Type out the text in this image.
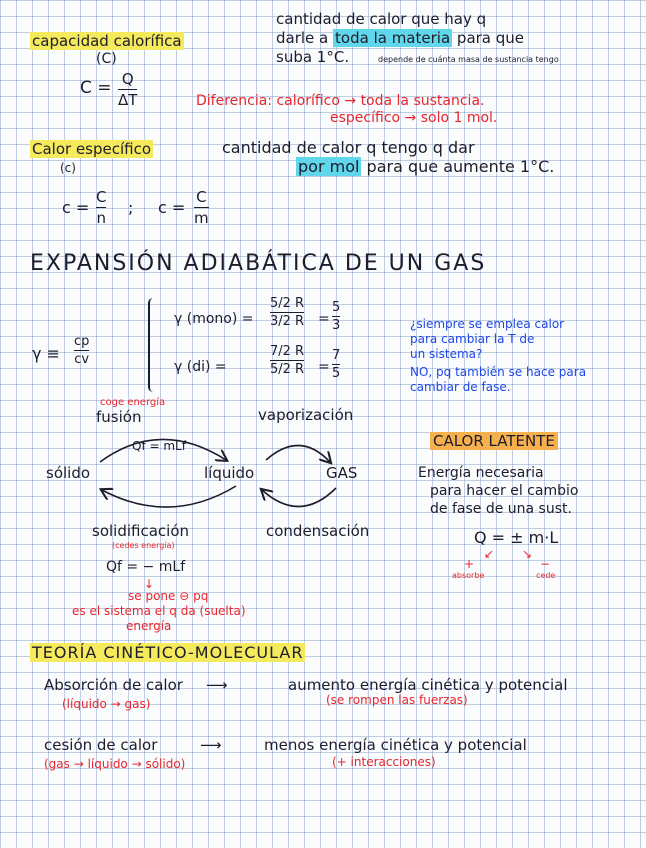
capacidad calorífica
(C)
cantidad de calor que hay q
darle a toda la materia para que
suba 1°C.	depende de cuánta masa de sustancia tengo
C = Q
ΔT	Diferencia: calorífico → toda la sustancia.
específico → solo 1 mol.
Calor específico
(c)
cantidad de calor q tengo q dar
por mol para que aumente 1°C.
c =
C
n
; c =
C
m
EXPANSIÓN ADIABÁTICA DE UN GAS
γ ≡
cp
cv
γ (mono) =
5/2 R
3/2 R =
5
3
γ (di) =
7/2 R
5/2 R =
7
5
¿siempre se emplea calor
para cambiar la T de
un sistema?
NO, pq también se hace para
cambiar de fase.
coge energía
fusión	vaporización
Qf = mLf
sólido	líquido	GAS
solidificación
(cedes energía)
condensación
Qf = − mLf
↓
se pone ⊖ pq
es el sistema el q da (suelta)
energía
CALOR LATENTE
Energía necesaria
para hacer el cambio
de fase de una sust.
Q = ± m·L
↙ ↘
+	−
absorbe	cede
TEORÍA CINÉTICO-MOLECULAR
Absorción de calor ⟶	aumento energía cinética y potencial
(líquido → gas)	(se rompen las fuerzas)
cesión de calor	⟶	menos energía cinética y potencial
(gas → líquido → sólido)	(+ interacciones)
